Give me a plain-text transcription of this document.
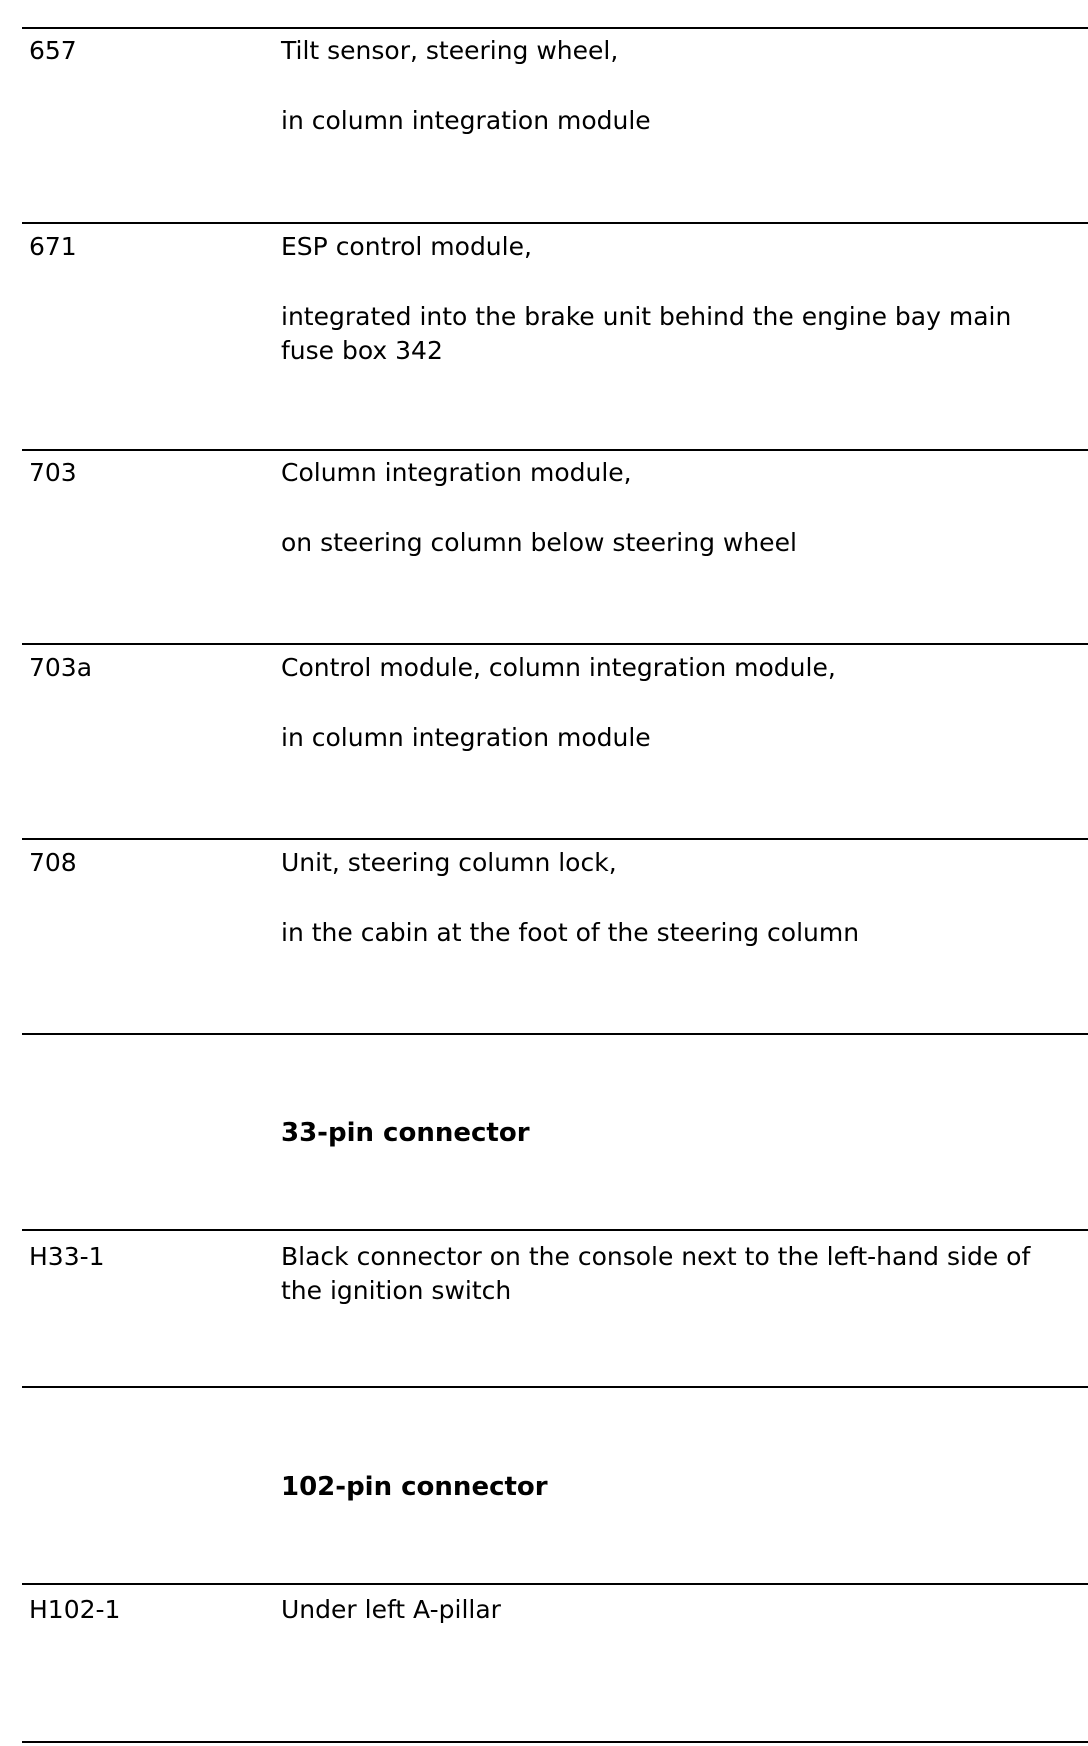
657	Tilt sensor, steering wheel,

in column integration module

671	ESP control module,

integrated into the brake unit behind the engine bay main fuse box 342

703	Column integration module,

on steering column below steering wheel

703a	Control module, column integration module,

in column integration module

708	Unit, steering column lock,

in the cabin at the foot of the steering column

33-pin connector
H33-1	Black connector on the console next to the left-hand side of the ignition switch
102-pin connector
H102-1	Under left A-pillar
